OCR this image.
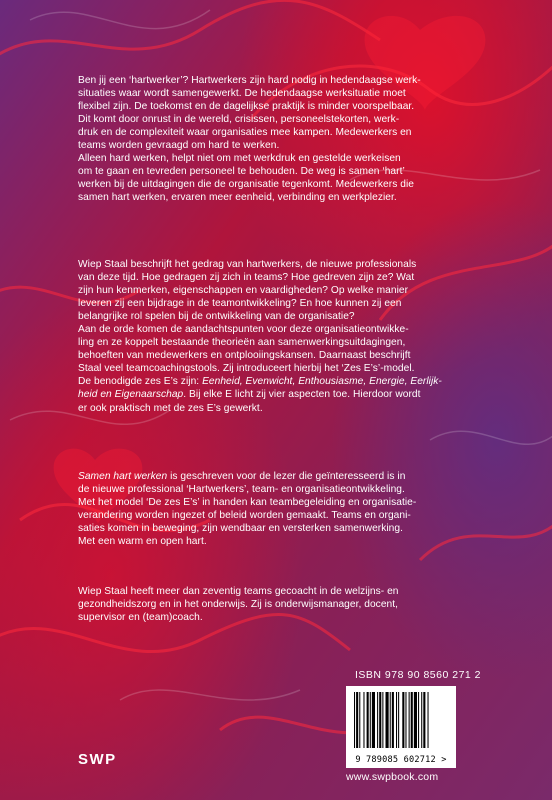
Ben jij een ‘hartwerker’? Hartwerkers zijn hard nodig in hedendaagse werk-
situaties waar wordt samengewerkt. De hedendaagse werksituatie moet
flexibel zijn. De toekomst en de dagelijkse praktijk is minder voorspelbaar.
Dit komt door onrust in de wereld, crisissen, personeelstekorten, werk-
druk en de complexiteit waar organisaties mee kampen. Medewerkers en
teams worden gevraagd om hard te werken.
Alleen hard werken, helpt niet om met werkdruk en gestelde werkeisen
om te gaan en tevreden personeel te behouden. De weg is samen ‘hart’
werken bij de uitdagingen die de organisatie tegenkomt. Medewerkers die
samen hart werken, ervaren meer eenheid, verbinding en werkplezier.
Wiep Staal beschrijft het gedrag van hartwerkers, de nieuwe professionals
van deze tijd. Hoe gedragen zij zich in teams? Hoe gedreven zijn ze? Wat
zijn hun kenmerken, eigenschappen en vaardigheden? Op welke manier
leveren zij een bijdrage in de teamontwikkeling? En hoe kunnen zij een
belangrijke rol spelen bij de ontwikkeling van de organisatie?
Aan de orde komen de aandachtspunten voor deze organisatieontwikke-
ling en ze koppelt bestaande theorieën aan samenwerkingsuitdagingen,
behoeften van medewerkers en ontplooiingskansen. Daarnaast beschrijft
Staal veel teamcoachingstools. Zij introduceert hierbij het ‘Zes E’s’-model.
De benodigde zes E’s zijn: Eenheid, Evenwicht, Enthousiasme, Energie, Eerlijk-
heid en Eigenaarschap. Bij elke E licht zij vier aspecten toe. Hierdoor wordt
er ook praktisch met de zes E’s gewerkt.
Samen hart werken is geschreven voor de lezer die geïnteresseerd is in
de nieuwe professional ‘Hartwerkers’, team- en organisatieontwikkeling.
Met het model ‘De zes E’s’ in handen kan teambegeleiding en organisatie-
verandering worden ingezet of beleid worden gemaakt. Teams en organi-
saties komen in beweging, zijn wendbaar en versterken samenwerking.
Met een warm en open hart.
Wiep Staal heeft meer dan zeventig teams gecoacht in de welzijns- en
gezondheidszorg en in het onderwijs. Zij is onderwijsmanager, docent,
supervisor en (team)coach.
ISBN 978 90 8560 271 2
9 789085 602712 >
SWP
www.swpbook.com
